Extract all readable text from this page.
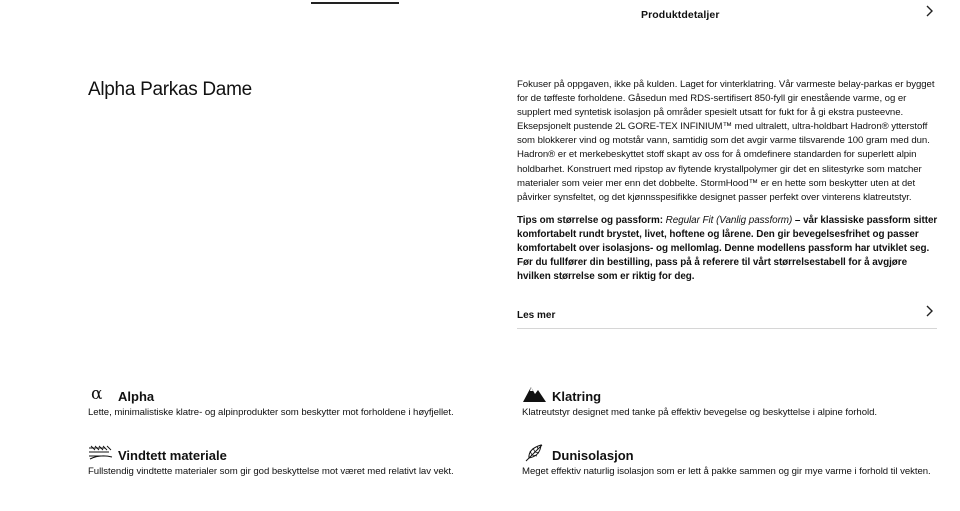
Produktdetaljer
Alpha Parkas Dame	Fokuser på oppgaven, ikke på kulden. Laget for vinterklatring. Vår varmeste belay-parkas er bygget for de tøffeste forholdene. Gåsedun med RDS-sertifisert 850-fyll gir enestående varme, og er supplert med syntetisk isolasjon på områder spesielt utsatt for fukt for å gi ekstra pusteevne. Eksepsjonelt pustende 2L GORE-TEX INFINIUM™ med ultralett, ultra-holdbart Hadron® ytterstoff som blokkerer vind og motstår vann, samtidig som det avgir varme tilsvarende 100 gram med dun. Hadron® er et merkebeskyttet stoff skapt av oss for å omdefinere standarden for superlett alpin holdbarhet. Konstruert med ripstop av flytende krystallpolymer gir det en slitestyrke som matcher materialer som veier mer enn det dobbelte. StormHood™ er en hette som beskytter uten at det påvirker synsfeltet, og det kjønnsspesifikke designet passer perfekt over vinterens klatreutstyr.

Tips om størrelse og passform: Regular Fit (Vanlig passform) – vår klassiske passform sitter komfortabelt rundt brystet, livet, hoftene og lårene. Den gir bevegelsesfrihet og passer komfortabelt over isolasjons- og mellomlag. Denne modellens passform har utviklet seg. Før du fullfører din bestilling, pass på å referere til vårt størrelsestabell for å avgjøre hvilken størrelse som er riktig for deg.

Les mer
α Alpha
Lette, minimalistiske klatre- og alpinprodukter som beskytter mot forholdene i høyfjellet.
Klatring
Klatreutstyr designet med tanke på effektiv bevegelse og beskyttelse i alpine forhold.
Vindtett materiale
Fullstendig vindtette materialer som gir god beskyttelse mot været med relativt lav vekt.
Dunisolasjon
Meget effektiv naturlig isolasjon som er lett å pakke sammen og gir mye varme i forhold til vekten.
